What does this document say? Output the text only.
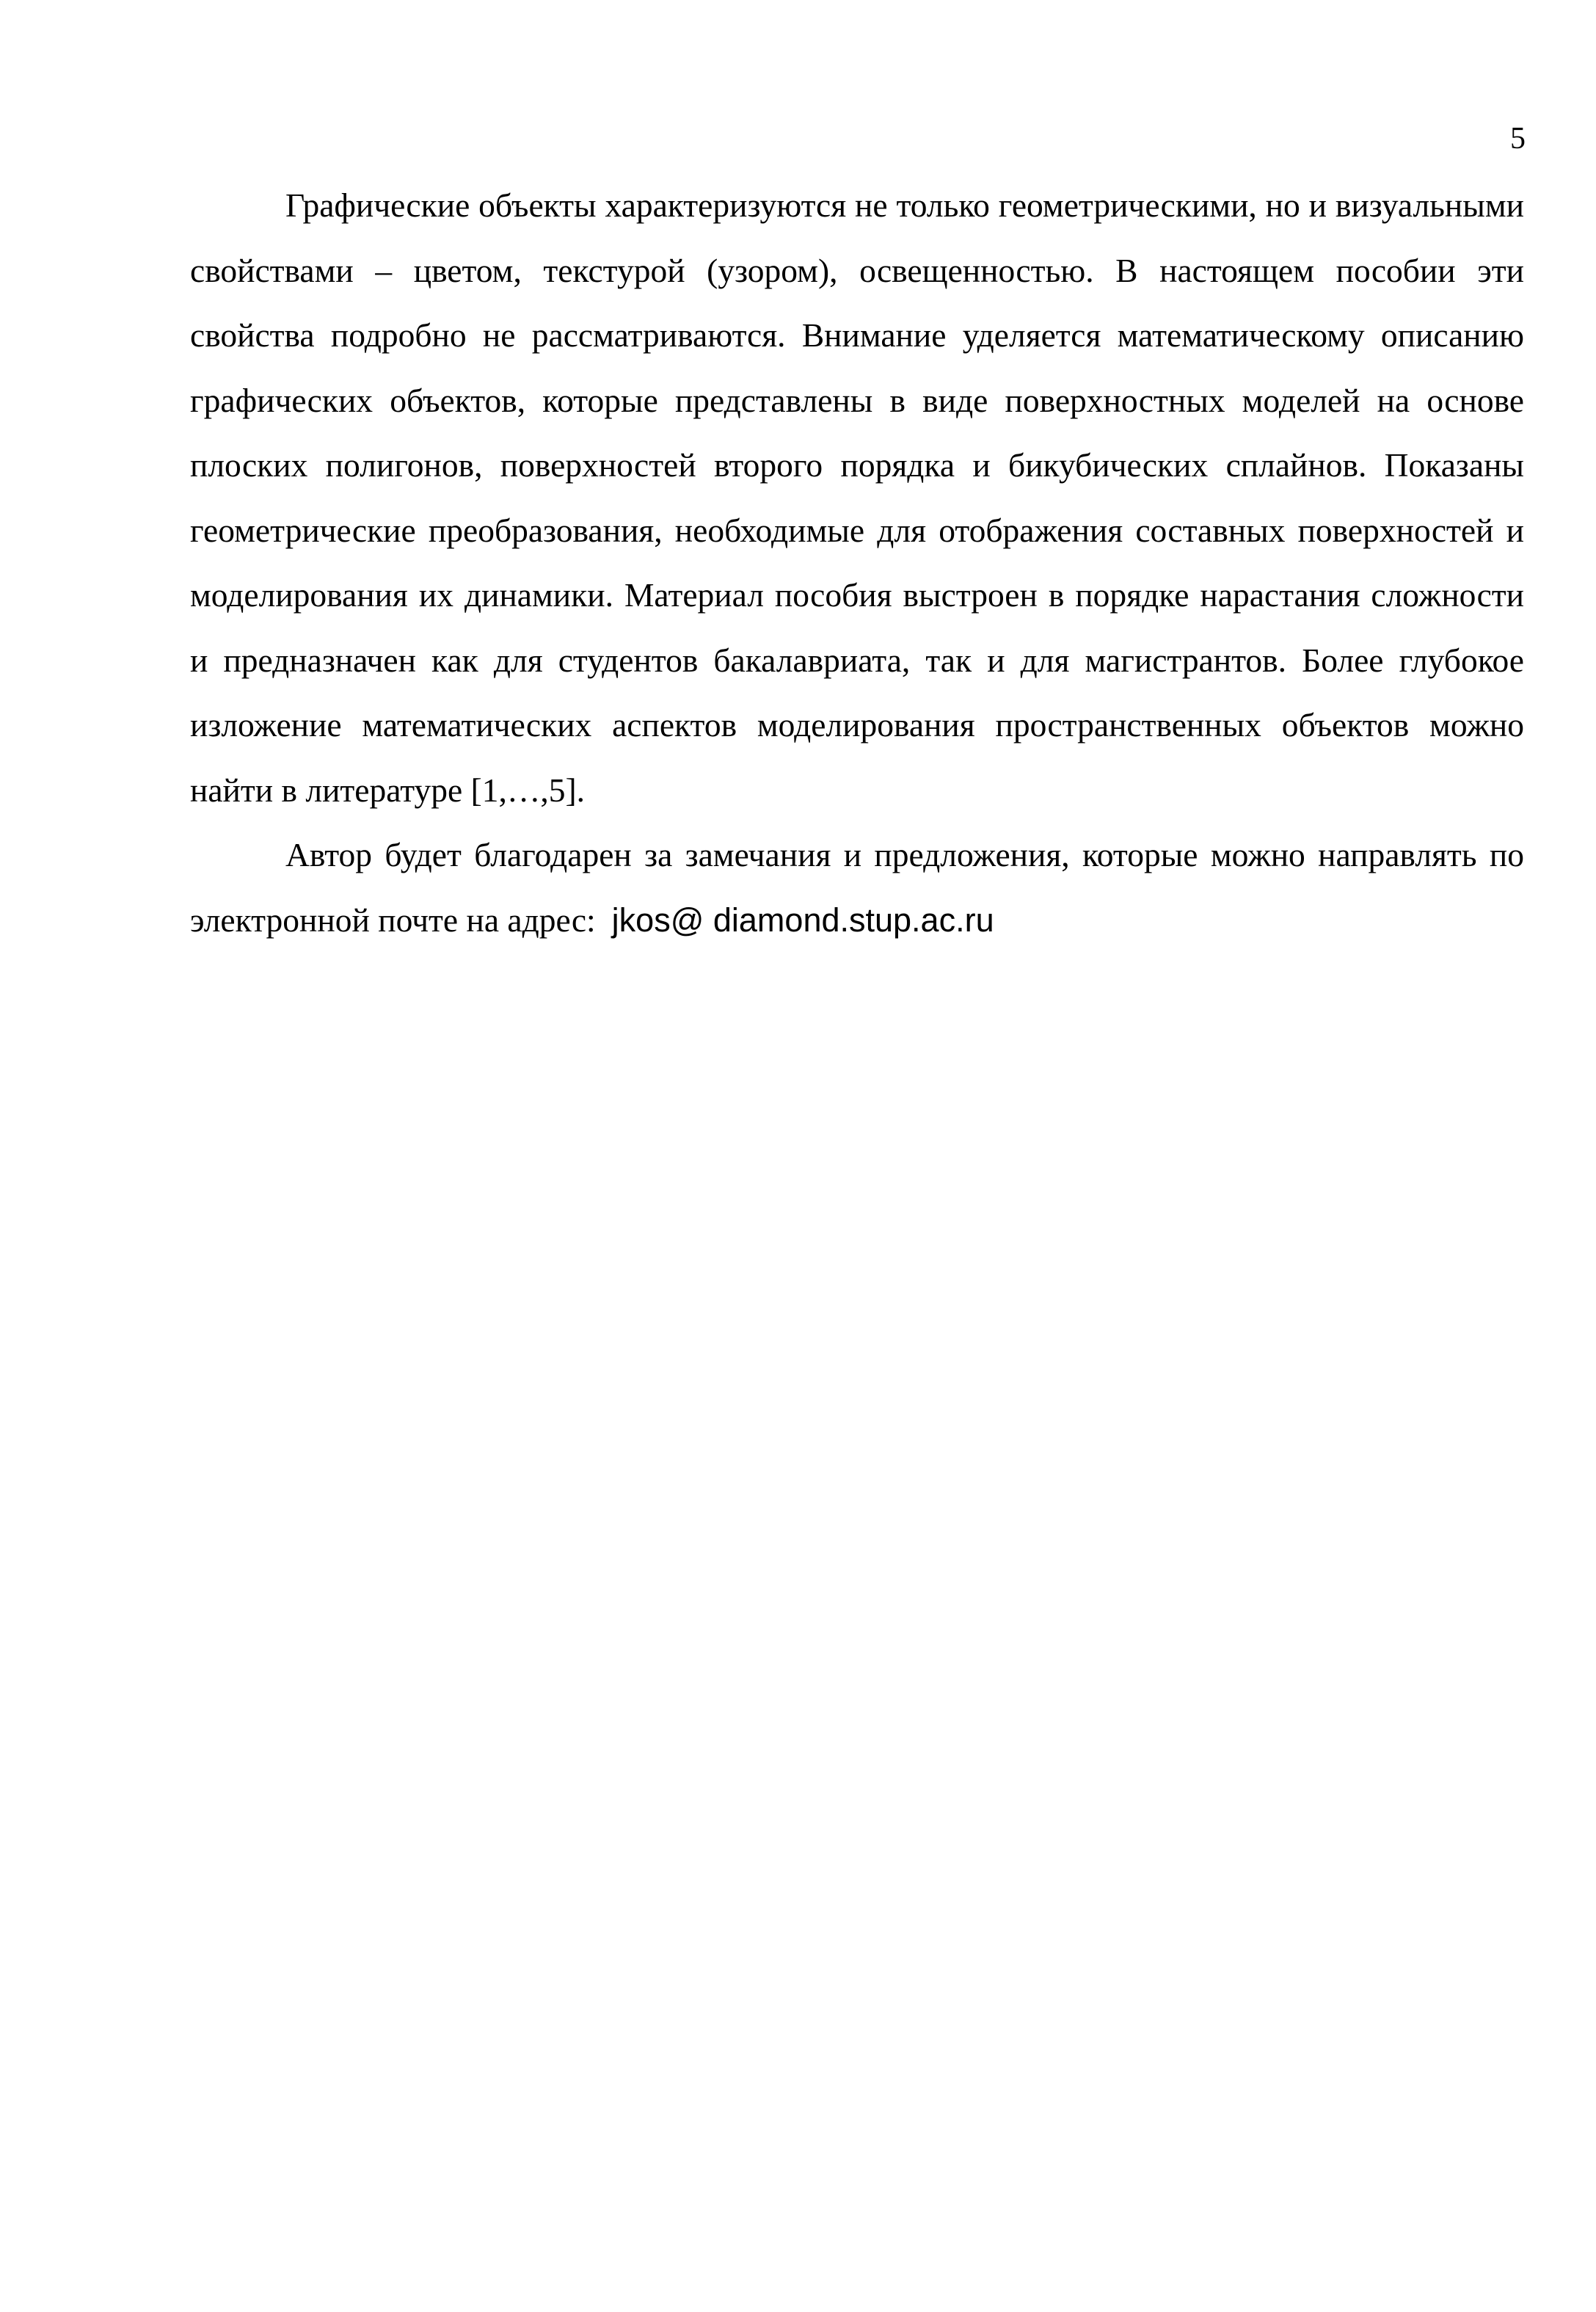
5

Графические объекты характеризуются не только геометрическими, но и визуальными свойствами – цветом, текстурой (узором), освещенностью. В настоящем пособии эти свойства подробно не рассматриваются. Внимание уделяется математическому описанию графических объектов, которые представлены в виде поверхностных моделей на основе плоских полигонов, поверхностей второго порядка и бикубических сплайнов. Показаны геометрические преобразования, необходимые для отображения составных поверхностей и моделирования их динамики. Материал пособия выстроен в порядке нарастания сложности и предназначен как для студентов бакалавриата, так и для магистрантов. Более глубокое изложение математических аспектов моделирования пространственных объектов можно найти в литературе [1,…,5].

Автор будет благодарен за замечания и предложения, которые можно направлять по электронной почте на адрес: jkos@ diamond.stup.ac.ru
